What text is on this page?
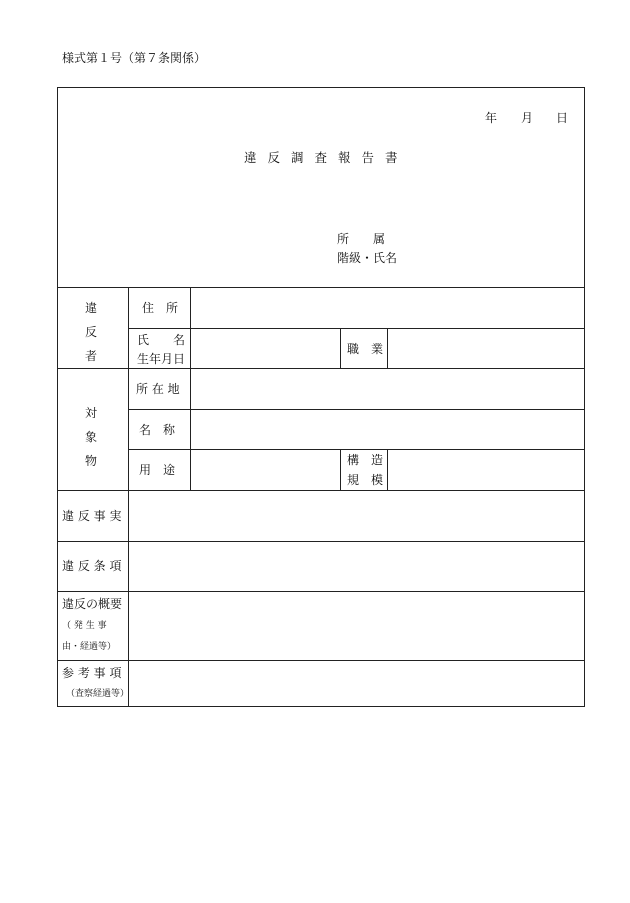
様式第１号（第７条関係）
年 月 日
違反調査報告書
所　　属
階級・氏名
違
反
者
住　所
氏　　名
生年月日
職　業
対
象
物
所 在 地
名　称
用　途
構　造
規　模
違 反 事 実
違 反 条 項
違反の概要
（ 発 生 事
由・経過等）
参 考 事 項
（査察経過等）
